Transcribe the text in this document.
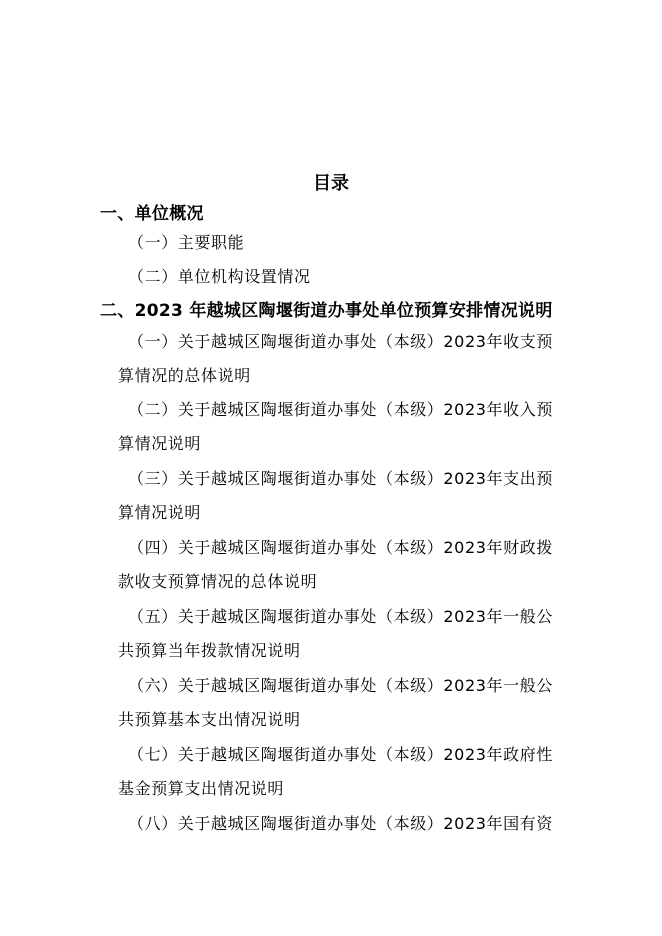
目录
一、单位概况
（一）主要职能
（二）单位机构设置情况
二、2023 年越城区陶堰街道办事处单位预算安排情况说明
（一）关于越城区陶堰街道办事处（本级）2023年收支预
算情况的总体说明
（二）关于越城区陶堰街道办事处（本级）2023年收入预
算情况说明
（三）关于越城区陶堰街道办事处（本级）2023年支出预
算情况说明
（四）关于越城区陶堰街道办事处（本级）2023年财政拨
款收支预算情况的总体说明
（五）关于越城区陶堰街道办事处（本级）2023年一般公
共预算当年拨款情况说明
（六）关于越城区陶堰街道办事处（本级）2023年一般公
共预算基本支出情况说明
（七）关于越城区陶堰街道办事处（本级）2023年政府性
基金预算支出情况说明
（八）关于越城区陶堰街道办事处（本级）2023年国有资
